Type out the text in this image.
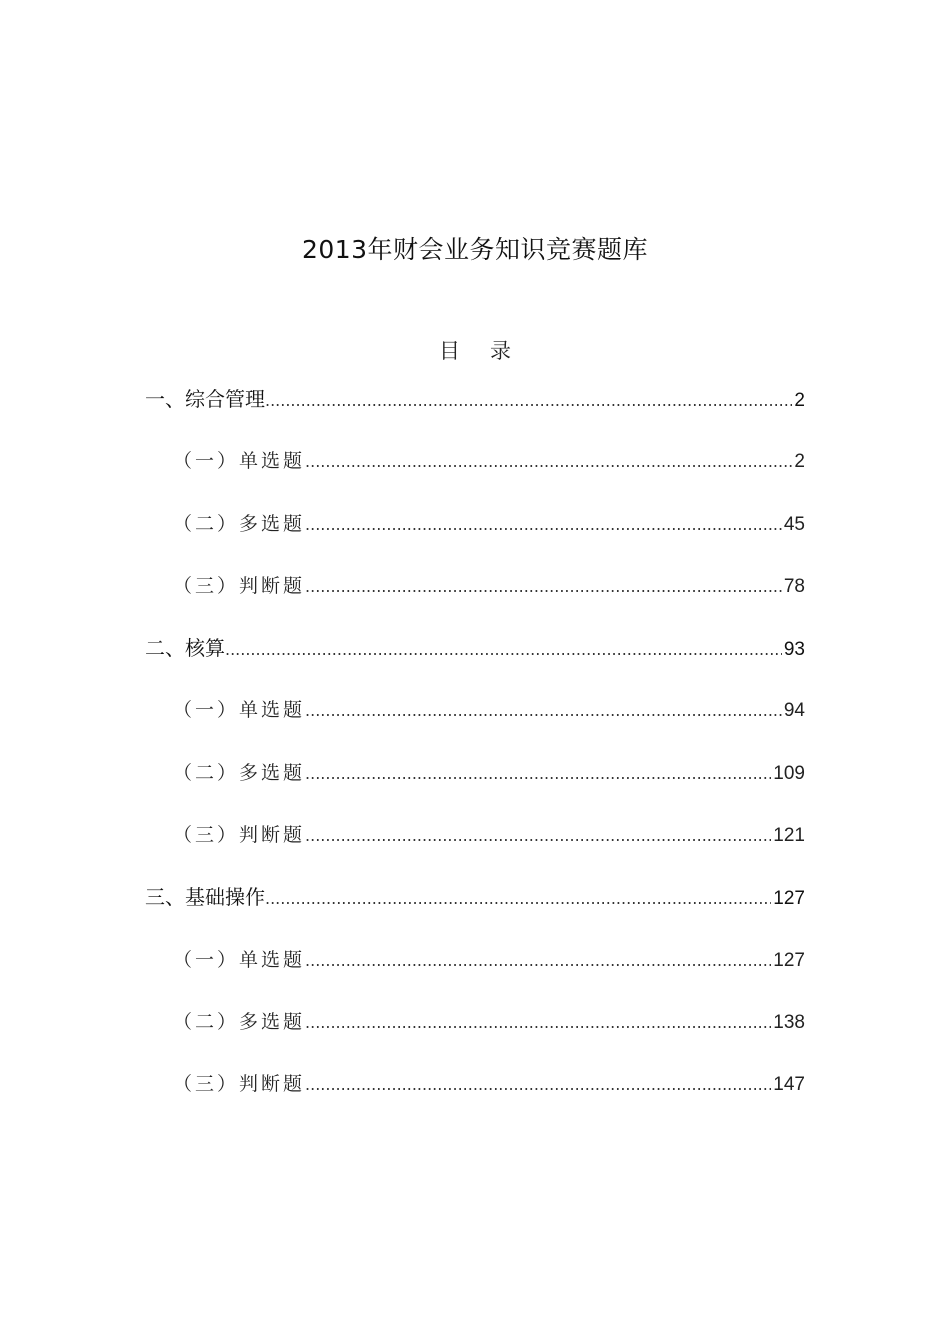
2013年财会业务知识竞赛题库
目录
一、综合管理 .....	2
（一）单选题 .....	2
（二）多选题 .....	45
（三）判断题 .....	78
二、核算 .....	93
（一）单选题 .....	94
（二）多选题 .....	109
（三）判断题 .....	121
三、基础操作 .....	127
（一）单选题 .....	127
（二）多选题 .....	138
（三）判断题 .....	147
